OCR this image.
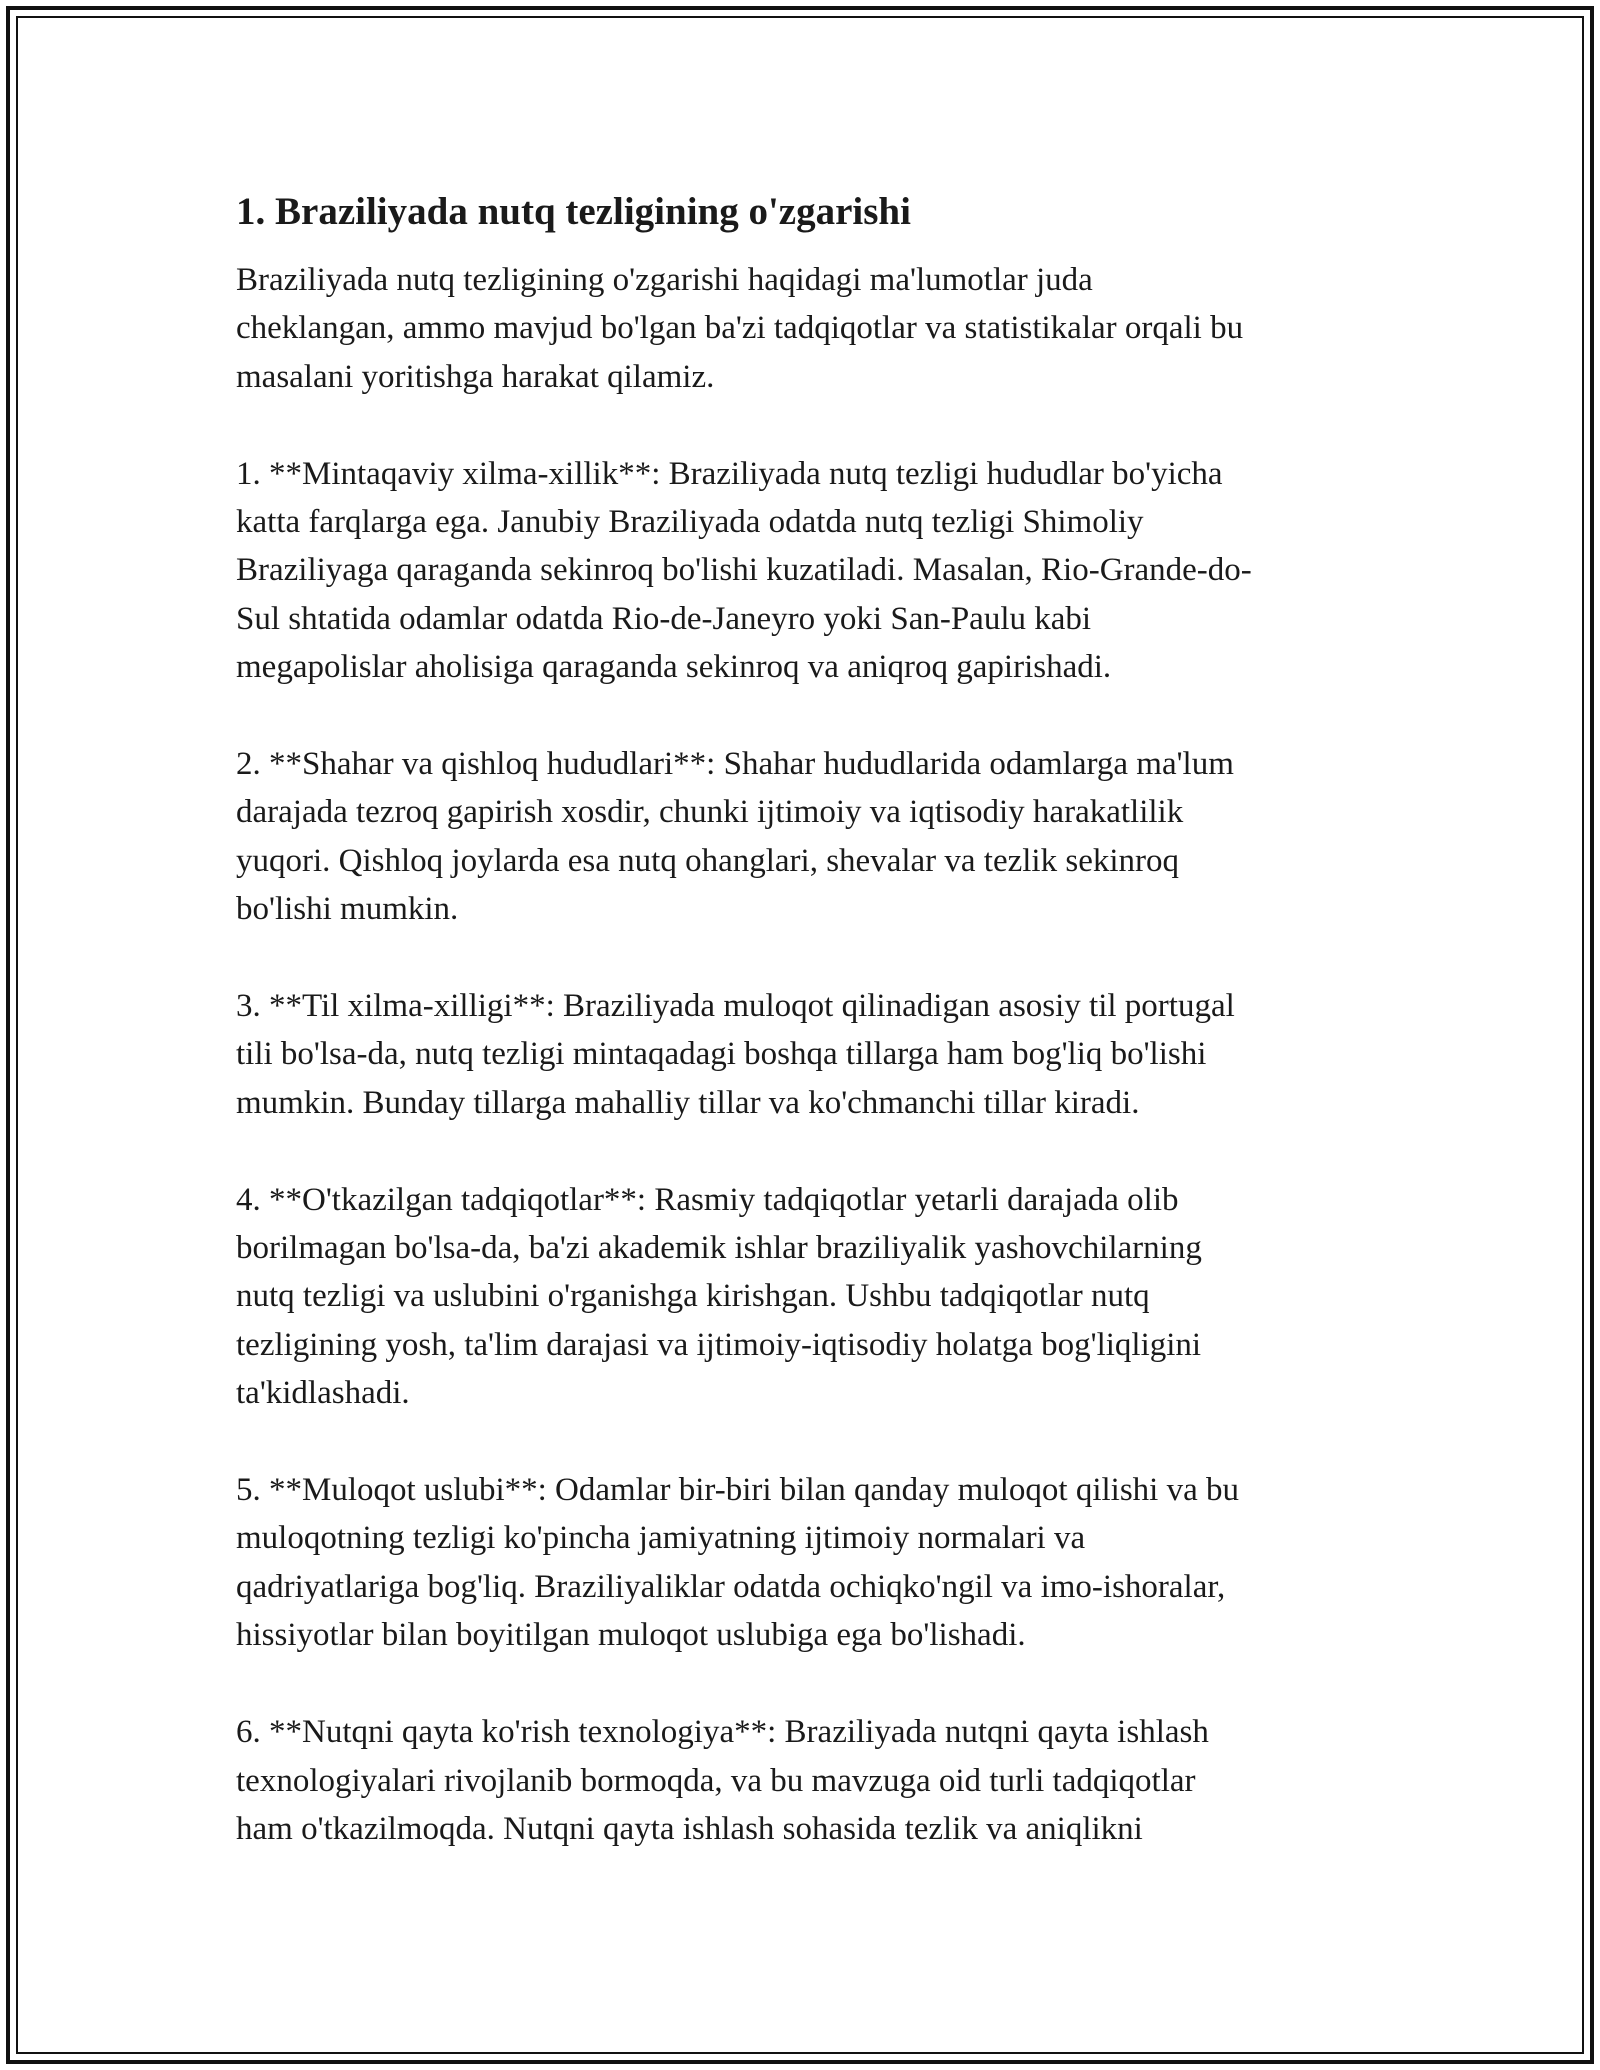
1. Braziliyada nutq tezligining o'zgarishi

Braziliyada nutq tezligining o'zgarishi haqidagi ma'lumotlar juda
cheklangan, ammo mavjud bo'lgan ba'zi tadqiqotlar va statistikalar orqali bu
masalani yoritishga harakat qilamiz.

1. **Mintaqaviy xilma-xillik**: Braziliyada nutq tezligi hududlar bo'yicha
katta farqlarga ega. Janubiy Braziliyada odatda nutq tezligi Shimoliy
Braziliyaga qaraganda sekinroq bo'lishi kuzatiladi. Masalan, Rio-Grande-do-
Sul shtatida odamlar odatda Rio-de-Janeyro yoki San-Paulu kabi
megapolislar aholisiga qaraganda sekinroq va aniqroq gapirishadi.

2. **Shahar va qishloq hududlari**: Shahar hududlarida odamlarga ma'lum
darajada tezroq gapirish xosdir, chunki ijtimoiy va iqtisodiy harakatlilik
yuqori. Qishloq joylarda esa nutq ohanglari, shevalar va tezlik sekinroq
bo'lishi mumkin.

3. **Til xilma-xilligi**: Braziliyada muloqot qilinadigan asosiy til portugal
tili bo'lsa-da, nutq tezligi mintaqadagi boshqa tillarga ham bog'liq bo'lishi
mumkin. Bunday tillarga mahalliy tillar va ko'chmanchi tillar kiradi.

4. **O'tkazilgan tadqiqotlar**: Rasmiy tadqiqotlar yetarli darajada olib
borilmagan bo'lsa-da, ba'zi akademik ishlar braziliyalik yashovchilarning
nutq tezligi va uslubini o'rganishga kirishgan. Ushbu tadqiqotlar nutq
tezligining yosh, ta'lim darajasi va ijtimoiy-iqtisodiy holatga bog'liqligini
ta'kidlashadi.

5. **Muloqot uslubi**: Odamlar bir-biri bilan qanday muloqot qilishi va bu
muloqotning tezligi ko'pincha jamiyatning ijtimoiy normalari va
qadriyatlariga bog'liq. Braziliyaliklar odatda ochiqko'ngil va imo-ishoralar,
hissiyotlar bilan boyitilgan muloqot uslubiga ega bo'lishadi.

6. **Nutqni qayta ko'rish texnologiya**: Braziliyada nutqni qayta ishlash
texnologiyalari rivojlanib bormoqda, va bu mavzuga oid turli tadqiqotlar
ham o'tkazilmoqda. Nutqni qayta ishlash sohasida tezlik va aniqlikni
